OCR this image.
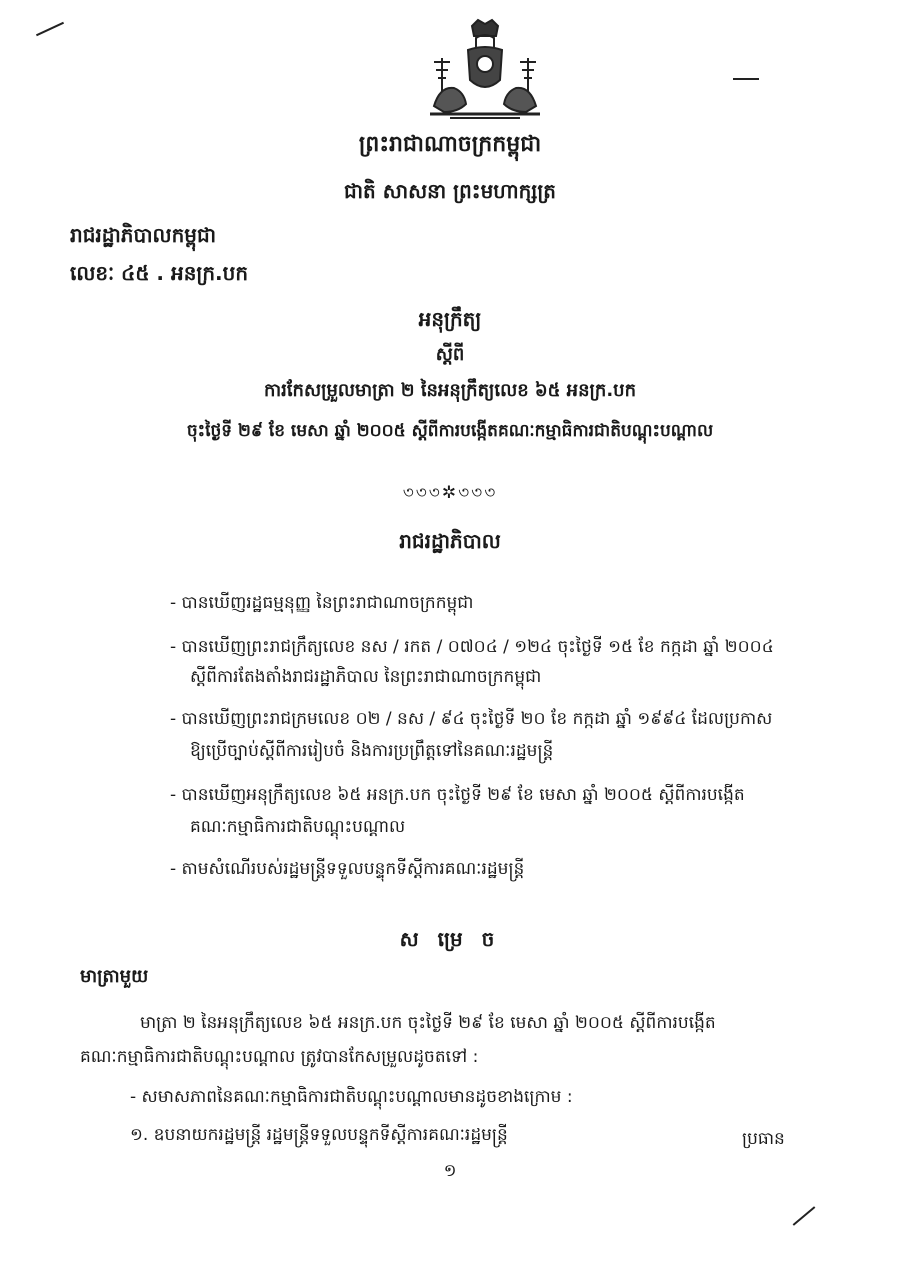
ព្រះរាជាណាចក្រកម្ពុជា
ជាតិ សាសនា ព្រះមហាក្សត្រ
រាជរដ្ឋាភិបាលកម្ពុជា
លេខៈ ៤៥ . អនក្រ.បក
អនុក្រឹត្យ
ស្តីពី
ការកែសម្រួលមាត្រា ២ នៃអនុក្រឹត្យលេខ ៦៥ អនក្រ.បក
ចុះថ្ងៃទី ២៩ ខែ មេសា ឆ្នាំ ២០០៥ ស្តីពីការបង្កើតគណៈកម្មាធិការជាតិបណ្តុះបណ្តាល
৩৩৩✲৩৩৩
រាជរដ្ឋាភិបាល
- បានឃើញរដ្ឋធម្មនុញ្ញ នៃព្រះរាជាណាចក្រកម្ពុជា
- បានឃើញព្រះរាជក្រឹត្យលេខ នស / រកត / ០៧០៤ / ១២៤ ចុះថ្ងៃទី ១៥ ខែ កក្កដា ឆ្នាំ ២០០៤
ស្តីពីការតែងតាំងរាជរដ្ឋាភិបាល នៃព្រះរាជាណាចក្រកម្ពុជា
- បានឃើញព្រះរាជក្រមលេខ ០២ / នស / ៩៤ ចុះថ្ងៃទី ២០ ខែ កក្កដា ឆ្នាំ ១៩៩៤ ដែលប្រកាស
ឱ្យប្រើច្បាប់ស្តីពីការរៀបចំ និងការប្រព្រឹត្តទៅនៃគណៈរដ្ឋមន្ត្រី
- បានឃើញអនុក្រឹត្យលេខ ៦៥ អនក្រ.បក ចុះថ្ងៃទី ២៩ ខែ មេសា ឆ្នាំ ២០០៥ ស្តីពីការបង្កើត
គណៈកម្មាធិការជាតិបណ្តុះបណ្តាល
- តាមសំណើរបស់រដ្ឋមន្ត្រីទទួលបន្ទុកទីស្តីការគណៈរដ្ឋមន្ត្រី
ស ម្រេ ច
មាត្រាមួយ
មាត្រា ២ នៃអនុក្រឹត្យលេខ ៦៥ អនក្រ.បក ចុះថ្ងៃទី ២៩ ខែ មេសា ឆ្នាំ ២០០៥ ស្តីពីការបង្កើត
គណៈកម្មាធិការជាតិបណ្តុះបណ្តាល ត្រូវបានកែសម្រួលដូចតទៅ :
- សមាសភាពនៃគណៈកម្មាធិការជាតិបណ្តុះបណ្តាលមានដូចខាងក្រោម :
១. ឧបនាយករដ្ឋមន្ត្រី រដ្ឋមន្ត្រីទទួលបន្ទុកទីស្តីការគណៈរដ្ឋមន្ត្រី	ប្រធាន
១
